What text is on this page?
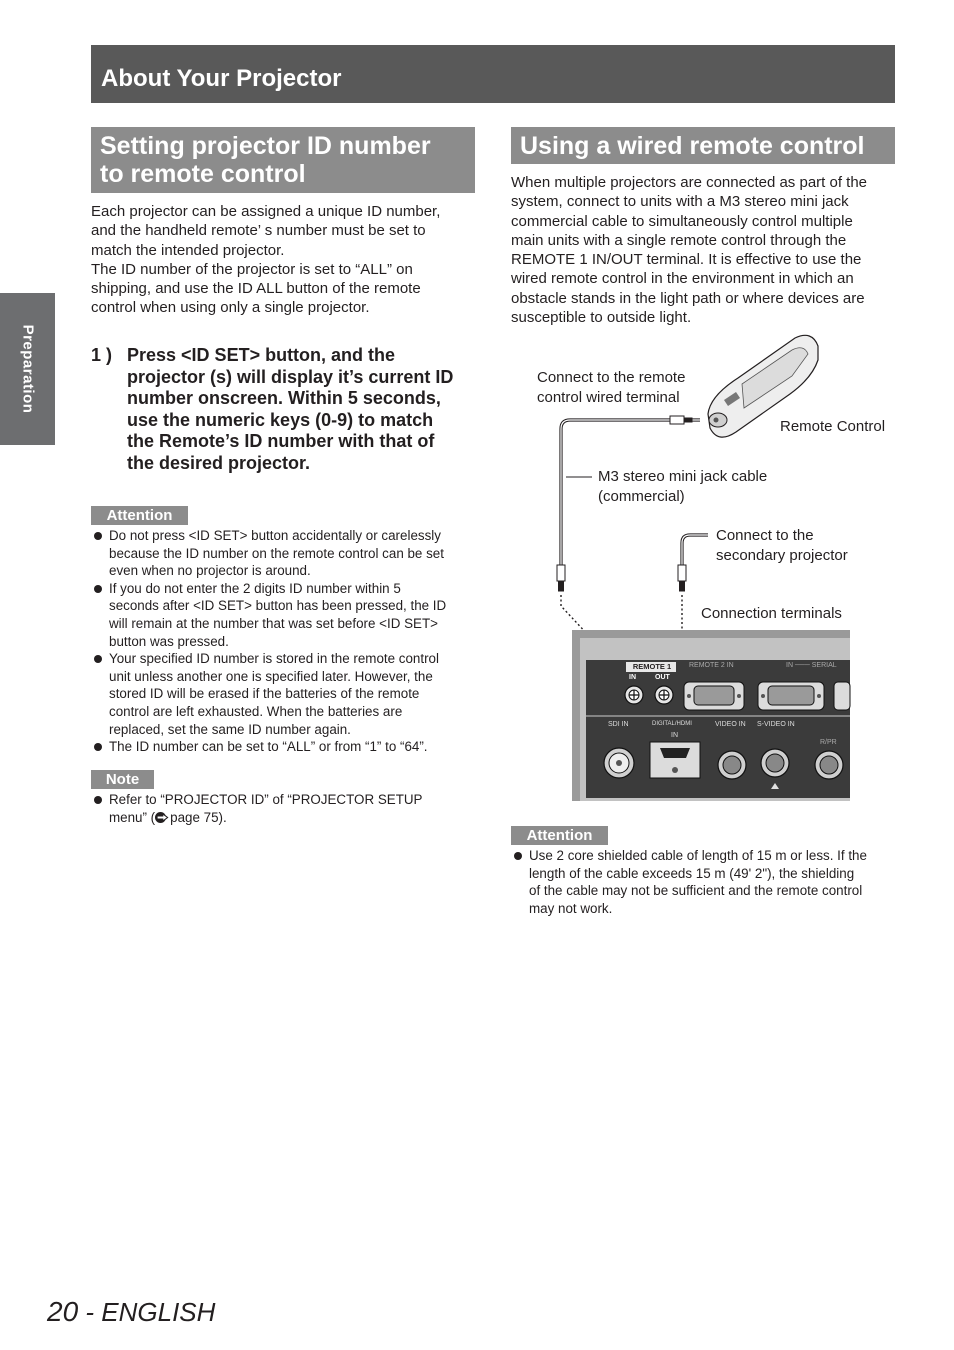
About Your Projector
Preparation
Setting projector ID number
to remote control

Each projector can be assigned a unique ID number,

and the handheld remote’ s number must be set to

match the intended projector.

The ID number of the projector is set to “ALL” on

shipping, and use the ID ALL button of the remote

control when using only a single projector.

1 ) Press <ID SET> button, and the
projector (s) will display it’s current ID
number onscreen. Within 5 seconds,
use the numeric keys (0-9) to match
the Remote’s ID number with that of
the desired projector.
Attention
Do not press <ID SET> button accidentally or carelessly
because the ID number on the remote control can be set
even when no projector is around.
If you do not enter the 2 digits ID number within 5
seconds after <ID SET> button has been pressed, the ID
will remain at the number that was set before <ID SET>
button was pressed.
Your specified ID number is stored in the remote control
unit unless another one is specified later. However, the
stored ID will be erased if the batteries of the remote
control are left exhausted. When the batteries are
replaced, set the same ID number again.
The ID number can be set to “ALL” or from “1” to “64”.
Note
Refer to “PROJECTOR ID” of “PROJECTOR SETUP
menu” ( page 75).
Using a wired remote control

When multiple projectors are connected as part of the

system, connect to units with a M3 stereo mini jack

commercial cable to simultaneously control multiple

main units with a single remote control through the

REMOTE 1 IN/OUT terminal. It is effective to use the

wired remote control in the environment in which an

obstacle stands in the light path or where devices are

susceptible to outside light.

REMOTE 1
IN	OUT
REMOTE 2 IN	IN ─── SERIAL
SDI IN	DIGITAL/HDMI
IN
VIDEO IN S-VIDEO IN
R/PR
Connect to the remote
control wired terminal
Remote Control
M3 stereo mini jack cable
(commercial)
Connect to the
secondary projector
Connection terminals
Attention
Use 2 core shielded cable of length of 15 m or less. If the
length of the cable exceeds 15 m (49' 2"), the shielding
of the cable may not be sufficient and the remote control
may not work.
20 - ENGLISH
